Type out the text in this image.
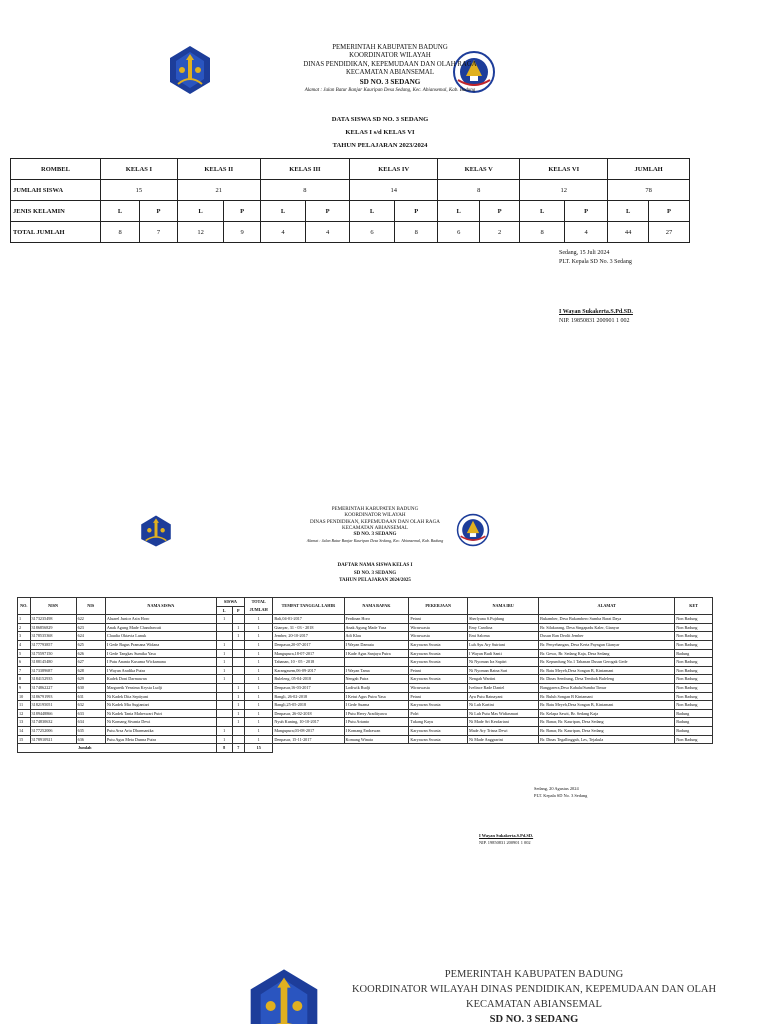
PEMERINTAH KABUPATEN BADUNG
KOORDINATOR WILAYAH
DINAS PENDIDIKAN, KEPEMUDAAN DAN OLAH RAGA
KECAMATAN ABIANSEMAL
SD NO. 3 SEDANG
Alamat : Jalan Batur Banjar Kauripan Desa Sedang, Kec. Abiansemal, Kab. Badung
DATA SISWA SD NO. 3 SEDANG
KELAS I s/d KELAS VI
TAHUN PELAJARAN 2023/2024
ROMBEL	KELAS I		KELAS II		KELAS III		KELAS IV		KELAS V		KELAS VI		JUMLAH	
JUMLAH SISWA	15		21		8		14		8		12		78	
JENIS KELAMIN	L	P	L	P	L	P	L	P	L	P	L	P	L	P
TOTAL JUMLAH	8	7	12	9	4	4	6	8	6	2	8	4	44	27
Sedang, 15 Juli 2024
PLT. Kepala SD No. 3 Sedang
I Wayan Sukakerta.S.Pd.SD.
NIP. 19850831 200901 1 002
PEMERINTAH KABUPATEN BADUNG
KOORDINATOR WILAYAH
DINAS PENDIDIKAN, KEPEMUDAAN DAN OLAH RAGA
KECAMATAN ABIANSEMAL
SD NO. 3 SEDANG
Alamat : Jalan Batur Banjar Kauripan Desa Sedang, Kec. Abiansemal, Kab. Badung
DAFTAR NAMA SISWA KELAS I
SD NO. 3 SEDANG
TAHUN PELAJARAN 2024/2025
NO.	NISN	NIS	NAMA SISWA	SISWA		TOTAL	TEMPAT TANGGAL LAHIR	NAMA BAPAK	PEKERJAAN	NAMA IBU	ALAMAT	KET
						JUMLAH						
				L	P							
1	3173235498	622	Aluarel Junior Asin Horo	1		1	Bali,04-01-2017	Ferdinan Horo	Petani	Sherlyana S.Pujdung	Bukamber, Desa Bukambero Sumba Barat Daya	Non Badung
2	3186856829	623	Anak Agung Made Chandrawati		1	1	Gianyar, 31 - 03 - 2018	Anak Agung Made Yasa	Wiraswasta	Emy Carolina	Br. Silakarang, Desa Singapadu Kaler, Gianyar	Non Badung
3	3178535368	624	Claudia Oktavia Lunuk		1	1	Jember, 20-10-2017	Adi Klau	Wiraswasta	Emi Saloma	Dusun Ran Deolit Jember	Non Badung
4	3177793857	625	I Gede Bagus Pramana Widana	1		1	Denpasar,20-07-2017	I Wayan Damuta	Karyawan Swasta	Luh Ayu Ary Sutriani	Br. Penyebangan, Desa Kerta Payngan Gianyar	Non Badung
5	3175597150	626	I Gede Tangkas Sumika Yasa	1		1	Mangupura,18-07-2017	I Kade Agus Sanjaya Putra	Karyawan Swasta	I Wayan Budi Santi	Br. Gewo, Br. Sedang Kaja, Desa Sedang	Badung
6	3188145480	627	I Putu Ananta Kusuma Wickamana	1		1	Tabanan, 10 - 05 - 2018		Karyawan Swasta	Ni Nyoman Ira Sapitri	Br. Kepundung No.1 Tabanan Dusun Gerogak Gede	Non Badung
7	3173389687	628	I Wayan Aradika Putra	1		1	Karangasem,06-09-2017	I Wayan Tama	Petani	Ni Nyoman Ratna Sari	Br. Batu Meyeh,Desa Songan B, Kintamani	Non Badung
8	3184152935	629	Kadek Doni Darmawan	1		1	Buleleng, 05-04-2018	Nengah Putra	Karyawan Swasta	Nengah Wartini	Br. Dinas Sembung, Desa Tembok Buleleng	Non Badung
9	3174862227	630	Margaretk Yensima Krysta Ludji		1	1	Denpasar,16-03-2017	Lodiwik Rudji	Wiraswasta	Ivelince Rade Daniel	Banggarera,Desa Kabalu/Sumba Timur	Non Badung
10	3186791993	631	Ni Kadek Dita Septiyani		1	1	Bangli, 26-02-2018	I Ketut Agus Putra Yasa	Petani	Ayu Putu Ratnayani	Br. Buluh Songan B Kintamani	Non Badung
11	3182195051	632	Ni Kadek Mia Sugiantari		1	1	Bangli,25-05-2018	I Gede Suama	Karyawan Swasta	Ni Luh Kartini	Br. Batu Meyeh,Desa Songan B, Kintamani	Non Badung
12	3189448866	633	Ni Kadek Tania Maheswari Putri		1	1	Denpasar, 26-02-2018	I Putu Herry Aradityawa	Polri	Ni Luh Putu Mas Widiasmari	Br. Kelapa Sawit, Br. Sedang Kaja	Badung
13	3174830632	634	Ni Komang Sivania Dewi		1	1	Nyuh Kuning, 10-10-2017	I Putu Arianto	Tukang Kayu	Ni Made Sri Kesdariani	Br. Banar, Br. Kauripan, Desa Sedang	Badung
14	3177252006	635	Putu Arsa Ariu Dharmanika	1		1	Mangupura,03-08-2017	I Komang Endrawan	Karyawan Swasta	Made Ary Trisna Dewi	Br. Banar, Br. Kauripan, Desa Sedang	Badung
15	3178910921	636	Putu Agus Meta Dunna Putra	1		1	Denpasar, 15-11-2017	Komang Winata	Karyawan Swasta	Ni Made Anggrarini	Br. Dinas Tegallinggah, Les, Tejakula	Non Badung
Jumlah				8	7	15						
Sedang, 20 Agustus 2024
PLT. Kepala SD No. 3 Sedang
I Wayan Sukakerta.S.Pd.SD.
NIP. 19850831 200901 1 002
PEMERINTAH KABUPATEN BADUNG
KOORDINATOR WILAYAH DINAS PENDIDIKAN, KEPEMUDAAN DAN OLAH
KECAMATAN ABIANSEMAL
SD NO. 3 SEDANG
